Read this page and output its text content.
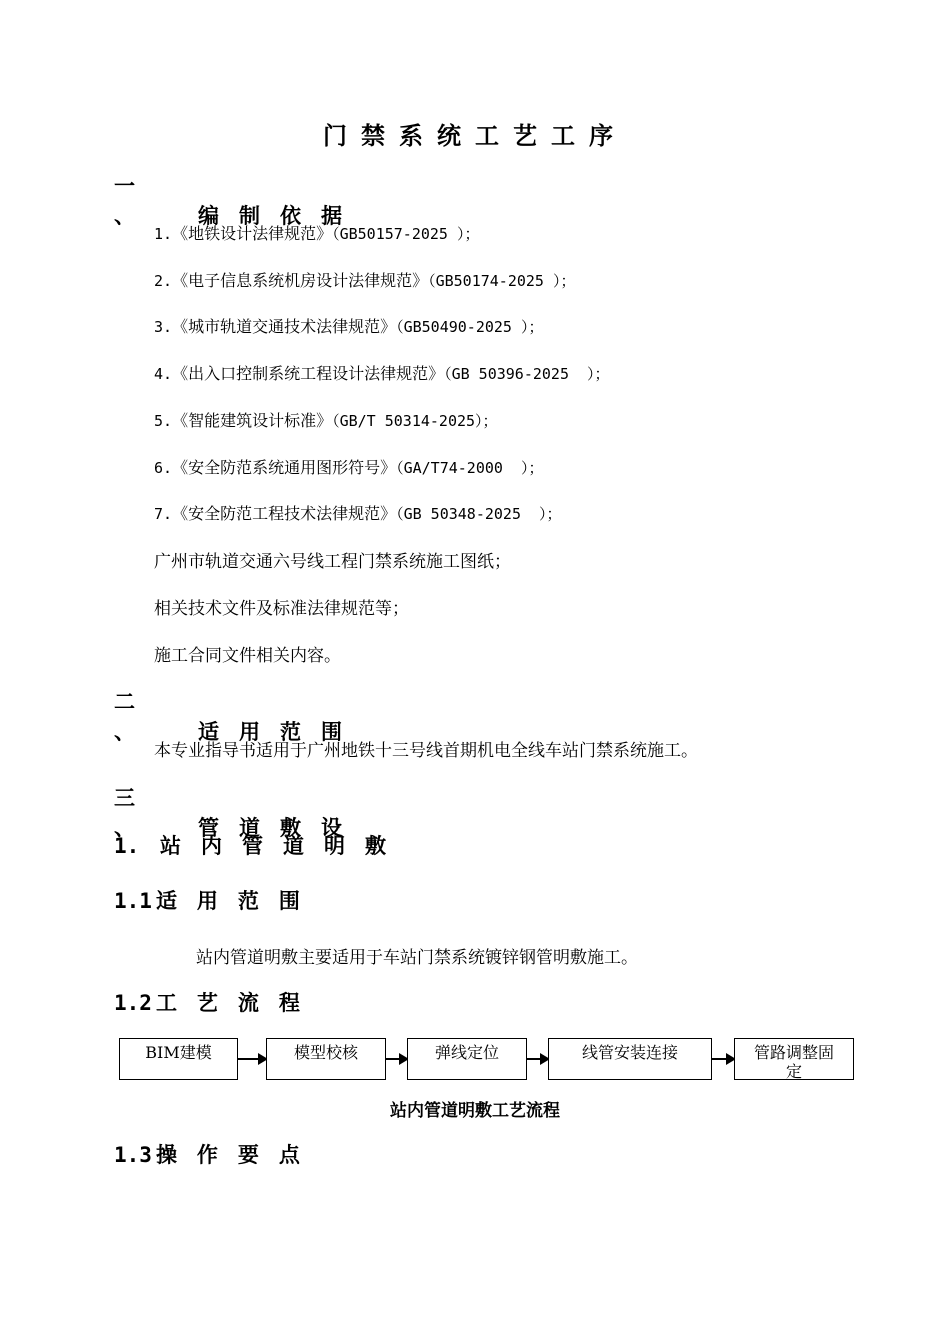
门禁系统工艺工序
一 、 编制依据
1.《地铁设计法律规范》（GB50157-2025 ）；
2.《电子信息系统机房设计法律规范》（GB50174-2025 ）；
3.《城市轨道交通技术法律规范》（GB50490-2025 ）；
4.《出入口控制系统工程设计法律规范》（GB 50396-2025  ）；
5.《智能建筑设计标准》（GB/T 50314-2025）；
6.《安全防范系统通用图形符号》（GA/T74-2000  ）；
7.《安全防范工程技术法律规范》（GB 50348-2025  ）；
广州市轨道交通六号线工程门禁系统施工图纸；
相关技术文件及标准法律规范等；
施工合同文件相关内容。
二 、 适用范围
本专业指导书适用于广州地铁十三号线首期机电全线车站门禁系统施工。
三 、 管道敷设
1. 站内管道明敷
1.1 适用范围
站内管道明敷主要适用于车站门禁系统镀锌钢管明敷施工。
1.2 工艺流程
BIM建模	模型校核	弹线定位	线管安装连接	管路调整固定
站内管道明敷工艺流程
1.3 操作要点
